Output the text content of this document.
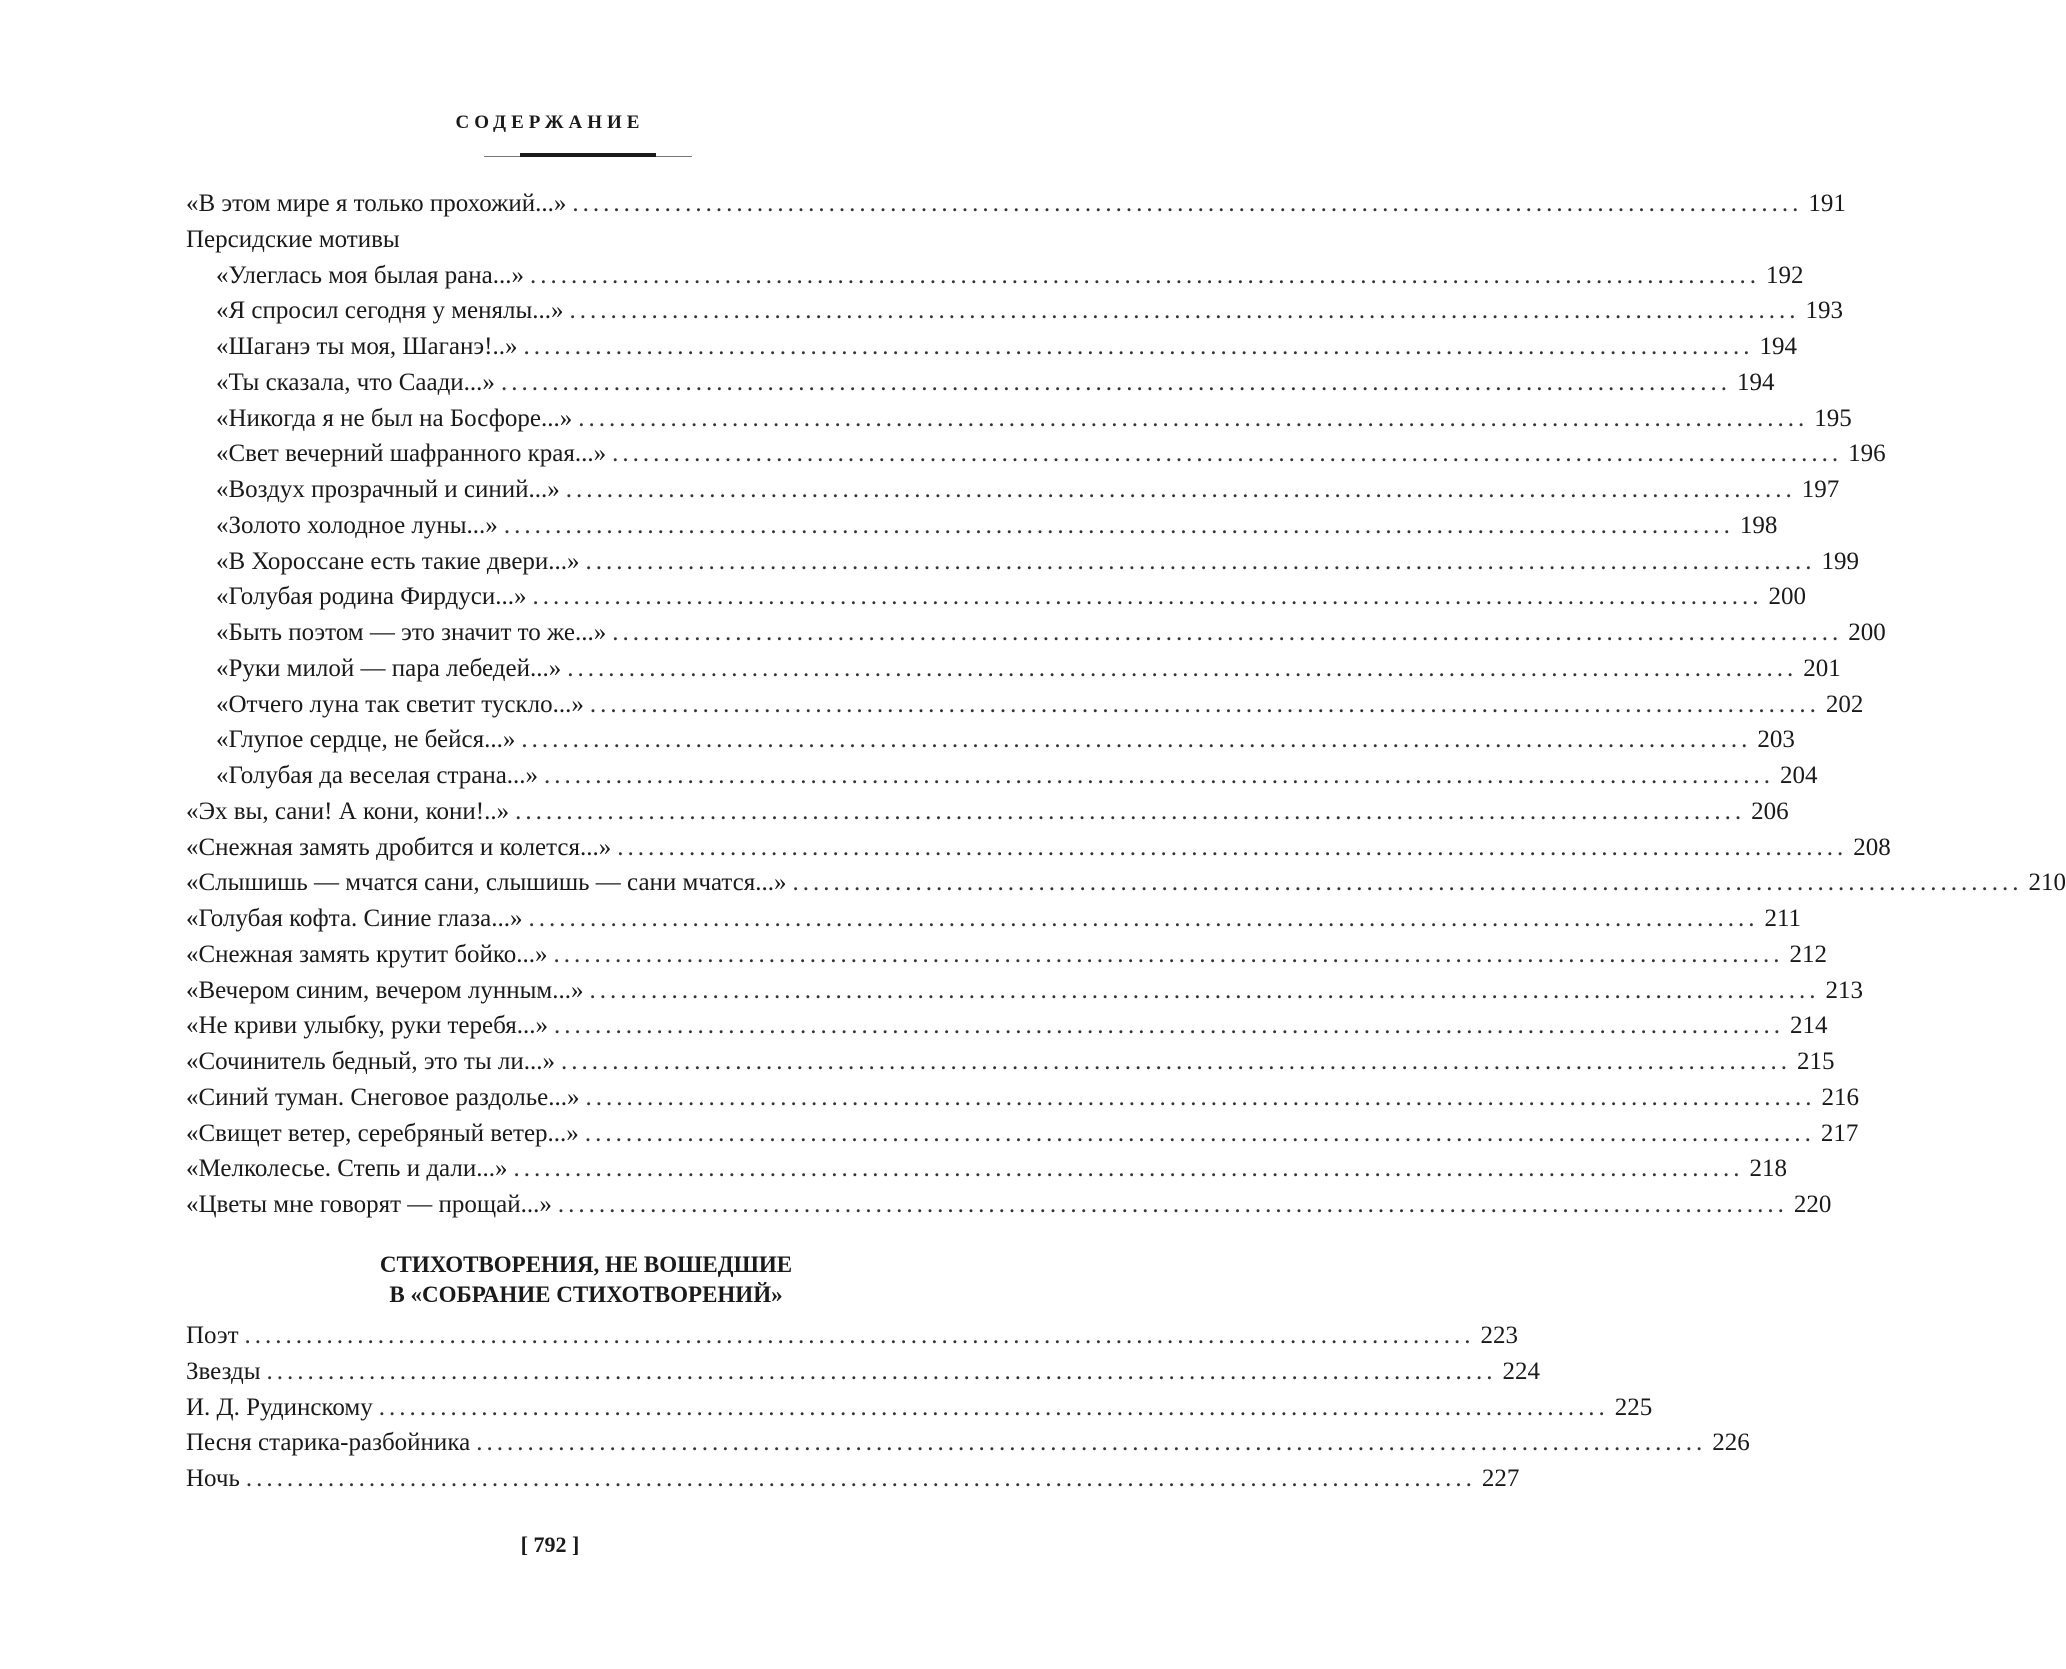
СОДЕРЖАНИЕ
«В этом мире я только прохожий...» ........................................................................................................................ 191
Персидские мотивы
«Улеглась моя былая рана...» ........................................................................................................................ 192
«Я спросил сегодня у менялы...» ........................................................................................................................ 193
«Шаганэ ты моя, Шаганэ!..» ........................................................................................................................ 194
«Ты сказала, что Саади...» ........................................................................................................................ 194
«Никогда я не был на Босфоре...» ........................................................................................................................ 195
«Свет вечерний шафранного края...» ........................................................................................................................ 196
«Воздух прозрачный и синий...» ........................................................................................................................ 197
«Золото холодное луны...» ........................................................................................................................ 198
«В Хороссане есть такие двери...» ........................................................................................................................ 199
«Голубая родина Фирдуси...» ........................................................................................................................ 200
«Быть поэтом — это значит то же...» ........................................................................................................................ 200
«Руки милой — пара лебедей...» ........................................................................................................................ 201
«Отчего луна так светит тускло...» ........................................................................................................................ 202
«Глупое сердце, не бейся...» ........................................................................................................................ 203
«Голубая да веселая страна...» ........................................................................................................................ 204
«Эх вы, сани! А кони, кони!..» ........................................................................................................................ 206
«Снежная замять дробится и колется...» ........................................................................................................................ 208
«Слышишь — мчатся сани, слышишь — сани мчатся...» ........................................................................................................................ 210
«Голубая кофта. Синие глаза...» ........................................................................................................................ 211
«Снежная замять крутит бойко...» ........................................................................................................................ 212
«Вечером синим, вечером лунным...» ........................................................................................................................ 213
«Не криви улыбку, руки теребя...» ........................................................................................................................ 214
«Сочинитель бедный, это ты ли...» ........................................................................................................................ 215
«Синий туман. Снеговое раздолье...» ........................................................................................................................ 216
«Свищет ветер, серебряный ветер...» ........................................................................................................................ 217
«Мелколесье. Степь и дали...» ........................................................................................................................ 218
«Цветы мне говорят — прощай...» ........................................................................................................................ 220
СТИХОТВОРЕНИЯ, НЕ ВОШЕДШИЕ
В «СОБРАНИЕ СТИХОТВОРЕНИЙ»
Поэт ........................................................................................................................ 223
Звезды ........................................................................................................................ 224
И. Д. Рудинскому ........................................................................................................................ 225
Песня старика-разбойника ........................................................................................................................ 226
Ночь ........................................................................................................................ 227
[ 792 ]
